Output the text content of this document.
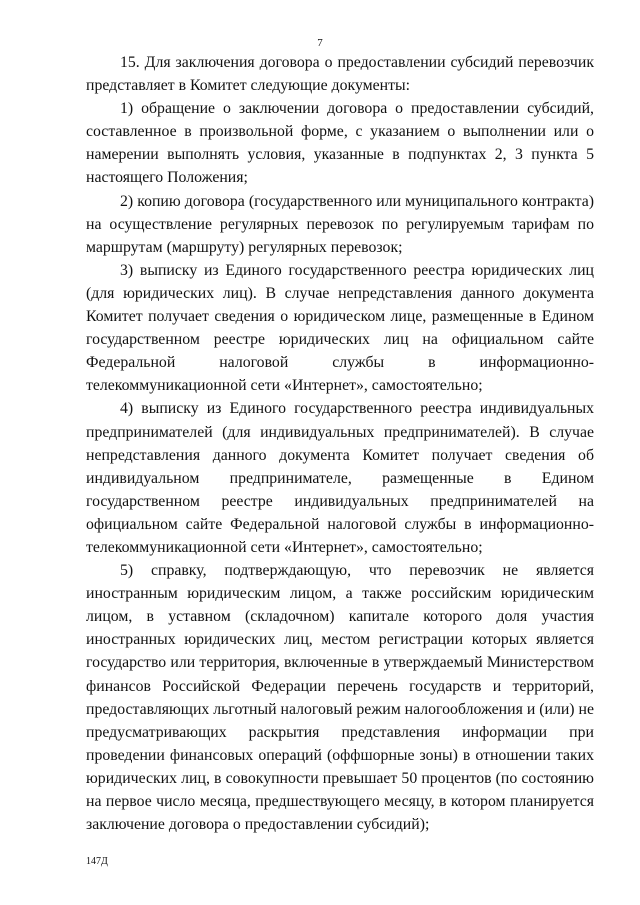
7

15. Для заключения договора о предоставлении субсидий перевозчик представляет в Комитет следующие документы:

1) обращение о заключении договора о предоставлении субсидий, составленное в произвольной форме, с указанием о выполнении или о намерении выполнять условия, указанные в подпунктах 2, 3 пункта 5 настоящего Положения;

2) копию договора (государственного или муниципального контракта) на осуществление регулярных перевозок по регулируемым тарифам по маршрутам (маршруту) регулярных перевозок;

3) выписку из Единого государственного реестра юридических лиц (для юридических лиц). В случае непредставления данного документа Комитет получает сведения о юридическом лице, размещенные в Едином государственном реестре юридических лиц на официальном сайте Федеральной налоговой службы в информационно-телекоммуникационной сети «Интернет», самостоятельно;

4) выписку из Единого государственного реестра индивидуальных предпринимателей (для индивидуальных предпринимателей). В случае непредставления данного документа Комитет получает сведения об индивидуальном предпринимателе, размещенные в Едином государственном реестре индивидуальных предпринимателей на официальном сайте Федеральной налоговой службы в информационно-телекоммуникационной сети «Интернет», самостоятельно;

5) справку, подтверждающую, что перевозчик не является иностранным юридическим лицом, а также российским юридическим лицом, в уставном (складочном) капитале которого доля участия иностранных юридических лиц, местом регистрации которых является государство или территория, включенные в утверждаемый Министерством финансов Российской Федерации перечень государств и территорий, предоставляющих льготный налоговый режим налогообложения и (или) не предусматривающих раскрытия представления информации при проведении финансовых операций (оффшорные зоны) в отношении таких юридических лиц, в совокупности превышает 50 процентов (по состоянию на первое число месяца, предшествующего месяцу, в котором планируется заключение договора о предоставлении субсидий);

147Д
